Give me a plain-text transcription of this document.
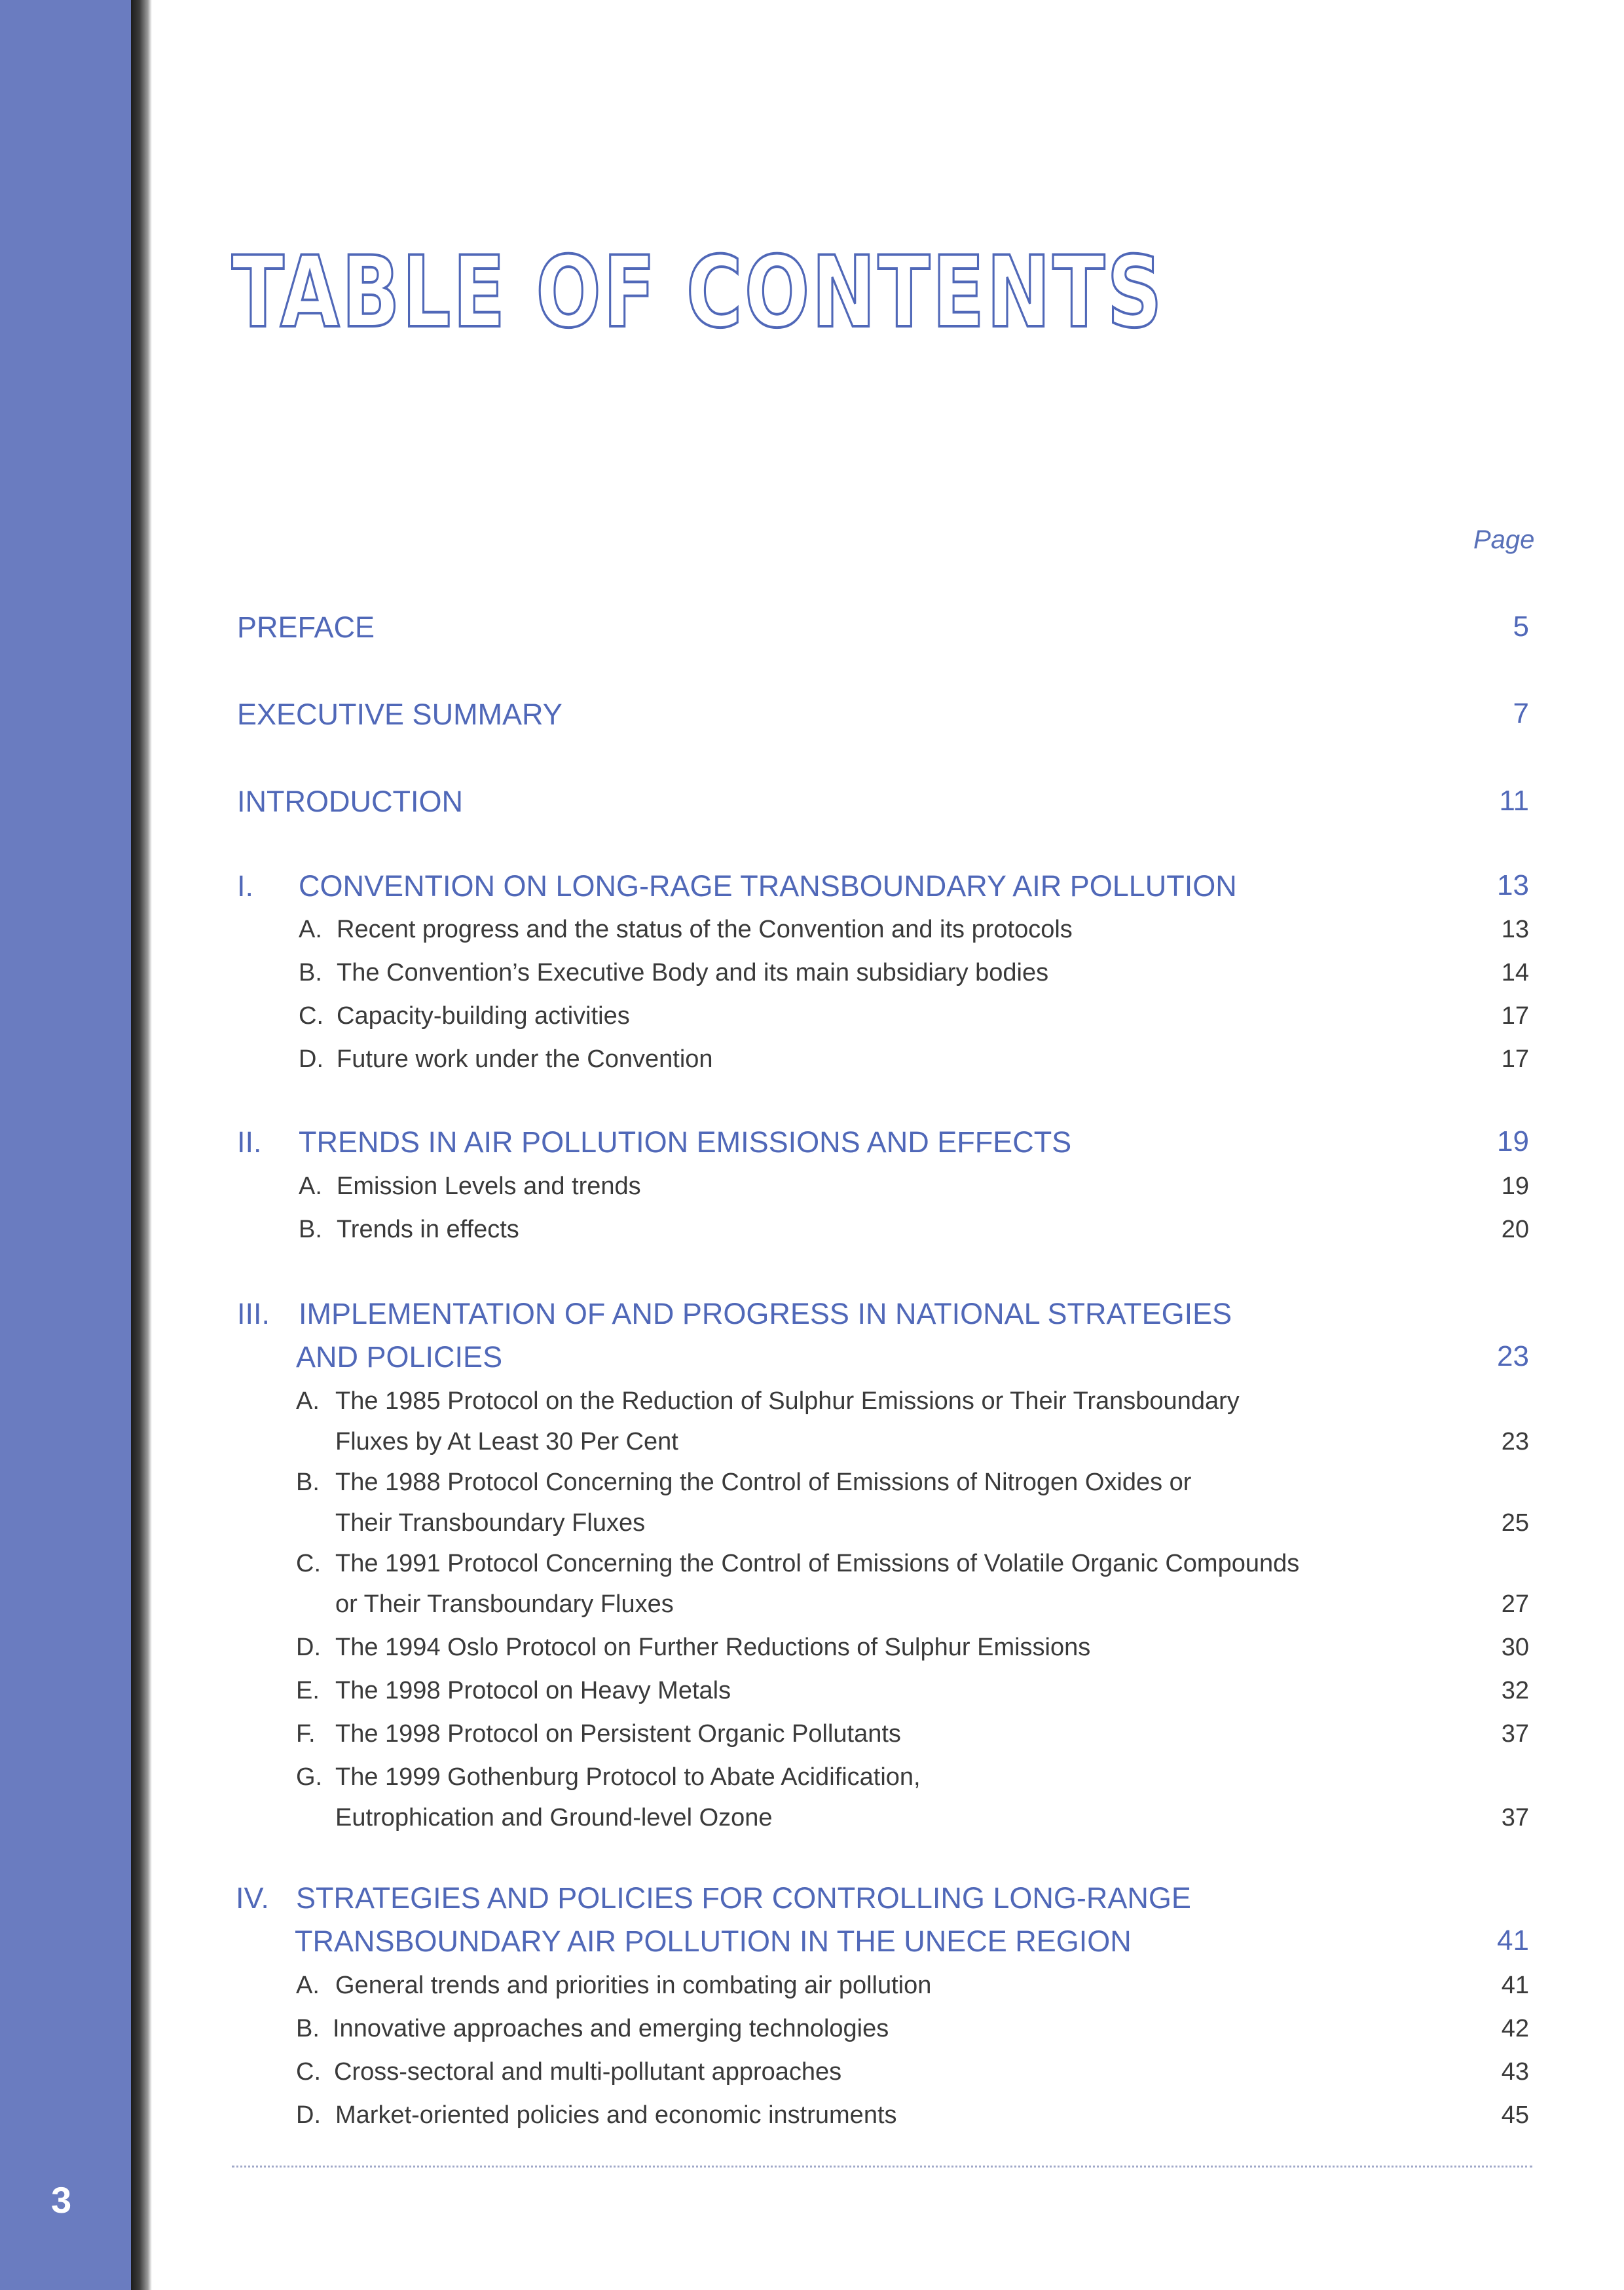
3
TABLE OF CONTENTS
Page
PREFACE	5
EXECUTIVE SUMMARY	7
INTRODUCTION	11
I. CONVENTION ON LONG-RAGE TRANSBOUNDARY AIR POLLUTION	13
A. Recent progress and the status of the Convention and its protocols	13
B. The Convention’s Executive Body and its main subsidiary bodies	14
C. Capacity-building activities	17
D. Future work under the Convention	17
II. TRENDS IN AIR POLLUTION EMISSIONS AND EFFECTS	19
A. Emission Levels and trends	19
B. Trends in effects	20
III. IMPLEMENTATION OF AND PROGRESS IN NATIONAL STRATEGIES
AND POLICIES	23
A. The 1985 Protocol on the Reduction of Sulphur Emissions or Their Transboundary
Fluxes by At Least 30 Per Cent	23
B. The 1988 Protocol Concerning the Control of Emissions of Nitrogen Oxides or
Their Transboundary Fluxes	25
C. The 1991 Protocol Concerning the Control of Emissions of Volatile Organic Compounds
or Their Transboundary Fluxes	27
D. The 1994 Oslo Protocol on Further Reductions of Sulphur Emissions	30
E. The 1998 Protocol on Heavy Metals	32
F. The 1998 Protocol on Persistent Organic Pollutants	37
G. The 1999 Gothenburg Protocol to Abate Acidification,
Eutrophication and Ground-level Ozone	37
IV. STRATEGIES AND POLICIES FOR CONTROLLING LONG-RANGE
TRANSBOUNDARY AIR POLLUTION IN THE UNECE REGION	41
A. General trends and priorities in combating air pollution	41
B. Innovative approaches and emerging technologies	42
C. Cross-sectoral and multi-pollutant approaches	43
D. Market-oriented policies and economic instruments	45
